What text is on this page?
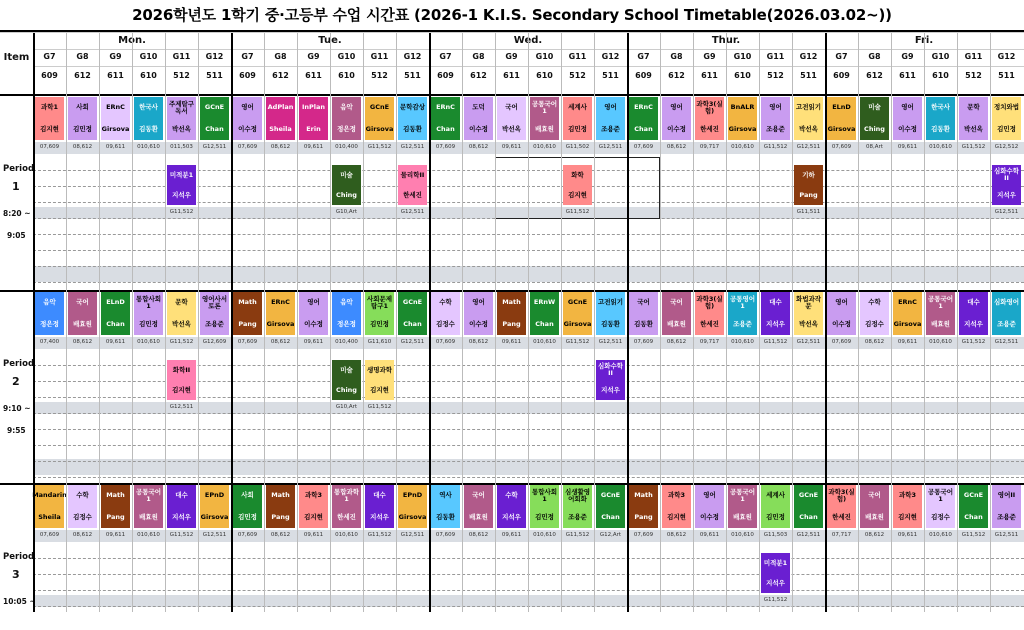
2026학년도 1학기 중·고등부 수업 시간표 (2026-1 K.I.S. Secondary School Timetable(2026.03.02~))
Item
Mon.
G7
609
G8
612
G9
611
G10
610
G11
512
G12
511
Tue.
G7
609
G8
612
G9
611
G10
610
G11
512
G12
511
Wed.
G7
609
G8
612
G9
611
G10
610
G11
512
G12
511
Thur.
G7
609
G8
612
G9
611
G10
610
G11
512
G12
511
Fri.
G7
609
G8
612
G9
611
G10
610
G11
512
G12
511
Period
1
8:20 ~
9:05
과학1
김지현
07,609
사회
김민정
08,612
ERnC
Girsova
09,611
한국사
김동환
010,610
주제탐구독서
박선옥
011,503
GCnE
Chan
G12,511
영어
이수정
07,609
AdPlan
Sheila
08,612
InPlan
Erin
09,611
음악
정은정
010,400
GCnE
Girsova
G11,512
문학감상
김동환
G12,511
ERnC
Chan
07,609
도덕
이수정
08,612
국어
박선옥
09,611
공통국어1
배효원
010,610
세계사
김민정
G11,502
영어
조용준
G12,511
ERnC
Chan
07,609
영어
이수정
08,612
과학3(실험)
한세진
09,717
BnALR
Girsova
010,610
영어
조용준
G11,512
고전읽기
박선옥
G12,511
ELnD
Girsova
07,609
미술
Ching
08,Art
영어
이수정
09,611
한국사
김동환
010,610
문학
박선옥
G11,512
정치와법
김민정
G12,512
미적분1
지석우
G11,512
미술
Ching
G10,Art
물리학II
한세진
G12,511
화학
김지현
G11,512
기하
Pang
G11,511
심화수학II
지석우
G12,511
Period
2
9:10 ~
9:55
음악
정은정
07,400
국어
배효원
08,612
ELnD
Chan
09,611
통합사회1
김민정
010,610
문학
박선옥
G11,512
영어사서토론
조용준
G12,609
Math
Pang
07,609
ERnC
Girsova
08,612
영어
이수정
09,611
음악
정은정
010,400
사회문제탐구1
김민정
G11,610
GCnE
Chan
G12,511
수학
김정수
07,609
영어
이수정
08,612
Math
Pang
09,611
ERnW
Chan
010,610
GCnE
Girsova
G11,512
고전읽기
김동환
G12,511
국어
김동환
07,609
국어
배효원
08,612
과학3(실험)
한세진
09,717
공통영어1
조용준
010,610
대수
지석우
G11,512
화법과작문
박선옥
G12,511
영어
이수정
07,609
수학
김정수
08,612
ERnC
Girsova
09,611
공통국어1
배효원
010,610
대수
지석우
G11,512
심화영어
조용준
G12,511
화학II
김지현
G12,511
미술
Ching
G10,Art
생명과학
김지현
G11,512
심화수학II
지석우
Period
3
10:05 ~
Mandarin
Sheila
07,609
수학
김정수
08,612
Math
Pang
09,611
공통국어1
배효원
010,610
대수
지석우
G11,512
EPnD
Girsova
G12,511
사회
김민정
07,609
Math
Pang
08,612
과학3
김지현
09,611
통합과학1
한세진
010,610
대수
지석우
G11,512
EPnD
Girsova
G12,511
역사
김동환
07,609
국어
배효원
08,612
수학
지석우
09,611
통합사회1
김민정
010,610
심생활영어회화
조용준
G11,512
GCnE
Chan
G12,Art
Math
Pang
07,609
과학3
김지현
08,612
영어
이수정
09,611
공통국어1
배효원
010,610
세계사
김민정
G11,503
GCnE
Chan
G12,511
과학3(실험)
한세진
07,717
국어
배효원
08,612
과학3
김지현
09,611
공통국어1
김정수
010,610
GCnE
Chan
G11,512
영어II
조용준
G12,511
미적분1
지석우
G11,512
